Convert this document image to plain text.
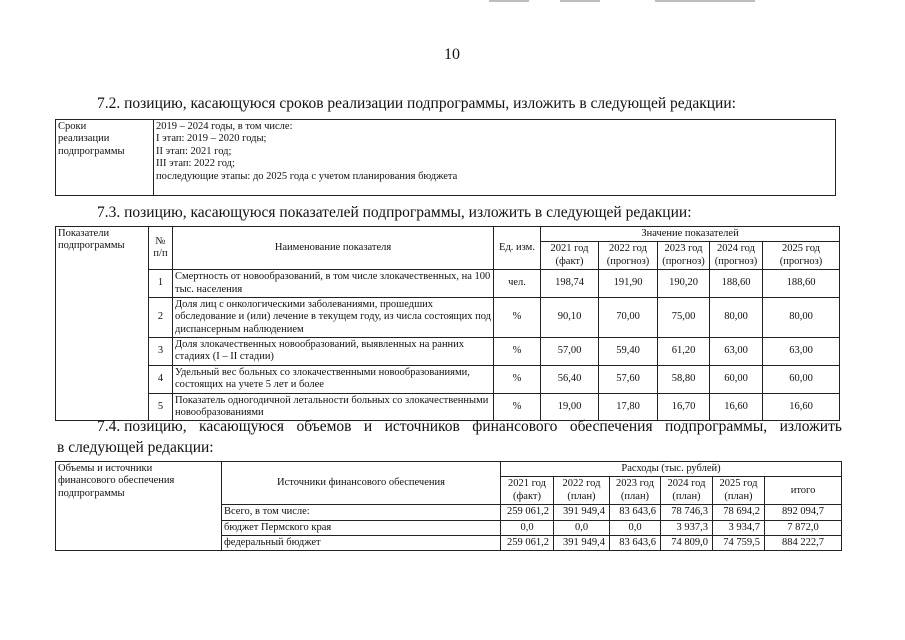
10
7.2. позицию, касающуюся сроков реализации подпрограммы, изложить в следующей редакции:
Сроки реализации подпрограммы	
2019 – 2024 годы, в том числе:
I этап: 2019 – 2020 годы;
II этап: 2021 год;
III этап: 2022 год;
последующие этапы: до 2025 года с учетом планирования бюджета
7.3. позицию, касающуюся показателей подпрограммы, изложить в следующей редакции:
Показатели подпрограммы	№ п/п	Наименование показателя	Ед. изм.	Значение показателей				
				2021 год (факт)	2022 год (прогноз)	2023 год (прогноз)	2024 год (прогноз)	2025 год (прогноз)
	1	Смертность от новообразований, в том числе злокачественных, на 100 тыс. населения	чел.	198,74	191,90	190,20	188,60	188,60
	2	Доля лиц с онкологическими заболеваниями, прошедших обследование и (или) лечение в текущем году, из числа состоящих под диспансерным наблюдением	%	90,10	70,00	75,00	80,00	80,00
	3	Доля злокачественных новообразований, выявленных на ранних стадиях (I – II стадии)	%	57,00	59,40	61,20	63,00	63,00
	4	Удельный вес больных со злокачественными новообразованиями, состоящих на учете 5 лет и более	%	56,40	57,60	58,80	60,00	60,00
	5	Показатель одногодичной летальности больных со злокачественными новообразованиями	%	19,00	17,80	16,70	16,60	16,60
7.4. позицию, касающуюся объемов и источников финансового обеспечения подпрограммы, изложить
в следующей редакции:
Объемы и источники финансового обеспечения подпрограммы	Источники финансового обеспечения	Расходы (тыс. рублей)					
		2021 год (факт)	2022 год (план)	2023 год (план)	2024 год (план)	2025 год (план)	итого
	Всего, в том числе:	259 061,2	391 949,4	83 643,6	78 746,3	78 694,2	892 094,7
	бюджет Пермского края	0,0	0,0	0,0	3 937,3	3 934,7	7 872,0
	федеральный бюджет	259 061,2	391 949,4	83 643,6	74 809,0	74 759,5	884 222,7
